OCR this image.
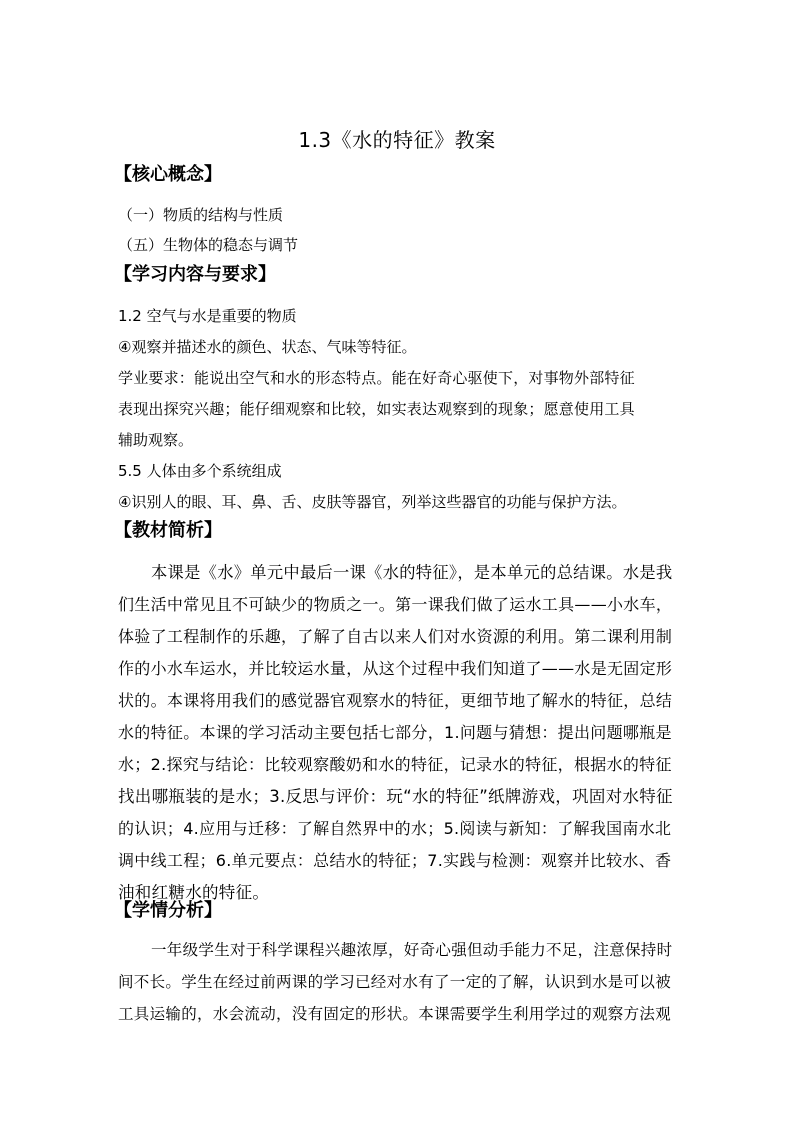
1.3《水的特征》教案
【核心概念】
（一）物质的结构与性质
（五）生物体的稳态与调节
【学习内容与要求】
1.2 空气与水是重要的物质
④观察并描述水的颜色、状态、气味等特征。
学业要求：能说出空气和水的形态特点。能在好奇心驱使下，对事物外部特征
表现出探究兴趣；能仔细观察和比较，如实表达观察到的现象；愿意使用工具
辅助观察。
5.5 人体由多个系统组成
④识别人的眼、耳、鼻、舌、皮肤等器官，列举这些器官的功能与保护方法。
【教材简析】
本课是《水》单元中最后一课《水的特征》，是本单元的总结课。水是我
们生活中常见且不可缺少的物质之一。第一课我们做了运水工具——小水车，
体验了工程制作的乐趣，了解了自古以来人们对水资源的利用。第二课利用制
作的小水车运水，并比较运水量，从这个过程中我们知道了——水是无固定形
状的。本课将用我们的感觉器官观察水的特征，更细节地了解水的特征，总结
水的特征。本课的学习活动主要包括七部分，1.问题与猜想：提出问题哪瓶是
水；2.探究与结论：比较观察酸奶和水的特征，记录水的特征，根据水的特征
找出哪瓶装的是水；3.反思与评价：玩“水的特征”纸牌游戏，巩固对水特征
的认识；4.应用与迁移：了解自然界中的水；5.阅读与新知：了解我国南水北
调中线工程；6.单元要点：总结水的特征；7.实践与检测：观察并比较水、香
油和红糖水的特征。
【学情分析】
一年级学生对于科学课程兴趣浓厚，好奇心强但动手能力不足，注意保持时
间不长。学生在经过前两课的学习已经对水有了一定的了解，认识到水是可以被
工具运输的，水会流动，没有固定的形状。本课需要学生利用学过的观察方法观
